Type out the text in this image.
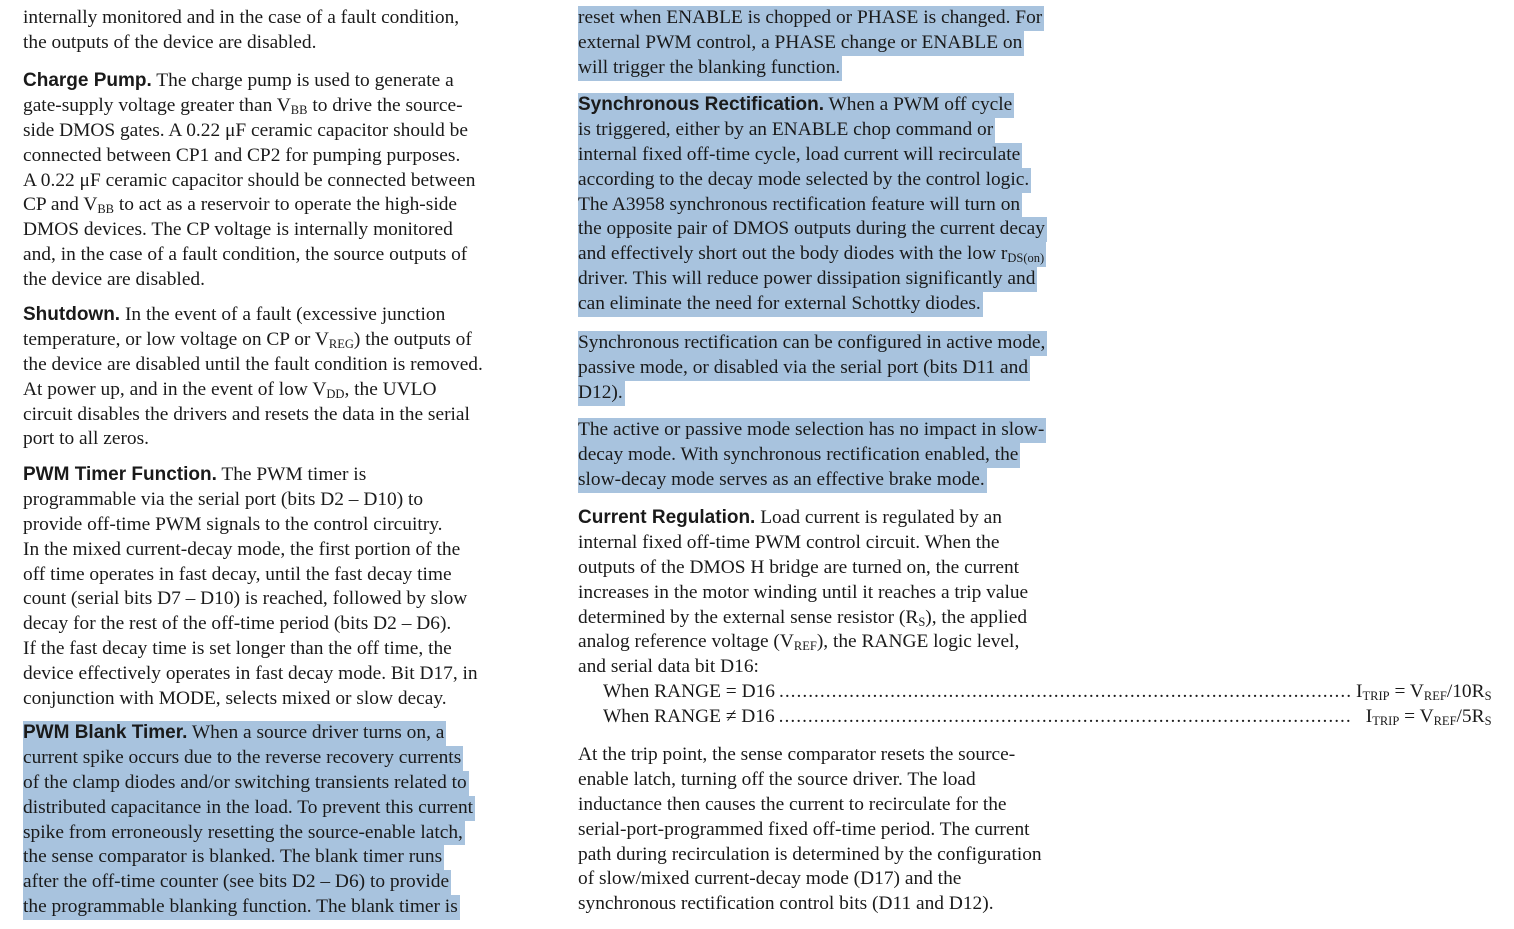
internally monitored and in the case of a fault condition,
the outputs of the device are disabled.
Charge Pump. The charge pump is used to generate a
gate-supply voltage greater than $V_{BB}$ to drive the source-
side DMOS gates. A 0.22 μF ceramic capacitor should be
connected between CP1 and CP2 for pumping purposes.
A 0.22 μF ceramic capacitor should be connected between
CP and $V_{BB}$ to act as a reservoir to operate the high-side
DMOS devices. The CP voltage is internally monitored
and, in the case of a fault condition, the source outputs of
the device are disabled.
Shutdown. In the event of a fault (excessive junction
temperature, or low voltage on CP or $V_{REG}$) the outputs of
the device are disabled until the fault condition is removed.
At power up, and in the event of low $V_{DD}$, the UVLO
circuit disables the drivers and resets the data in the serial
port to all zeros.
PWM Timer Function. The PWM timer is
programmable via the serial port (bits D2 – D10) to
provide off-time PWM signals to the control circuitry.
In the mixed current-decay mode, the first portion of the
off time operates in fast decay, until the fast decay time
count (serial bits D7 – D10) is reached, followed by slow
decay for the rest of the off-time period (bits D2 – D6).
If the fast decay time is set longer than the off time, the
device effectively operates in fast decay mode. Bit D17, in
conjunction with MODE, selects mixed or slow decay.
PWM Blank Timer. When a source driver turns on, a
current spike occurs due to the reverse recovery currents
of the clamp diodes and/or switching transients related to
distributed capacitance in the load. To prevent this current
spike from erroneously resetting the source-enable latch,
the sense comparator is blanked. The blank timer runs
after the off-time counter (see bits D2 – D6) to provide
the programmable blanking function. The blank timer is
reset when ENABLE is chopped or PHASE is changed. For
external PWM control, a PHASE change or ENABLE on
will trigger the blanking function.
Synchronous Rectification. When a PWM off cycle
is triggered, either by an ENABLE chop command or
internal fixed off-time cycle, load current will recirculate
according to the decay mode selected by the control logic.
The A3958 synchronous rectification feature will turn on
the opposite pair of DMOS outputs during the current decay
and effectively short out the body diodes with the low $r_{DS(on)}$
driver. This will reduce power dissipation significantly and
can eliminate the need for external Schottky diodes.
Synchronous rectification can be configured in active mode,
passive mode, or disabled via the serial port (bits D11 and
D12).
The active or passive mode selection has no impact in slow-
decay mode. With synchronous rectification enabled, the
slow-decay mode serves as an effective brake mode.
Current Regulation. Load current is regulated by an
internal fixed off-time PWM control circuit. When the
outputs of the DMOS H bridge are turned on, the current
increases in the motor winding until it reaches a trip value
determined by the external sense resistor $(R_S)$, the applied
analog reference voltage $(V_{REF})$, the RANGE logic level,
and serial data bit D16:
When RANGE = D16 .....	$I_{TRIP} = V_{REF}/10R_S$
When RANGE ≠ D16 .....	$I_{TRIP} = V_{REF}/5R_S$
At the trip point, the sense comparator resets the source-
enable latch, turning off the source driver. The load
inductance then causes the current to recirculate for the
serial-port-programmed fixed off-time period. The current
path during recirculation is determined by the configuration
of slow/mixed current-decay mode (D17) and the
synchronous rectification control bits (D11 and D12).
